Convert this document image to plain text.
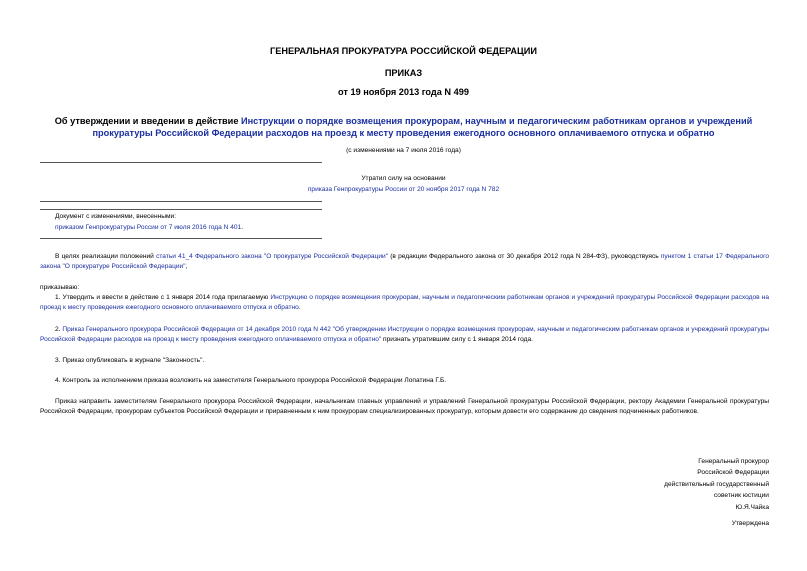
ГЕНЕРАЛЬНАЯ ПРОКУРАТУРА РОССИЙСКОЙ ФЕДЕРАЦИИ
ПРИКАЗ
от 19 ноября 2013 года N 499
Об утверждении и введении в действие Инструкции о порядке возмещения прокурорам, научным и педагогическим работникам органов и учреждений прокуратуры Российской Федерации расходов на проезд к месту проведения ежегодного основного оплачиваемого отпуска и обратно
(с изменениями на 7 июля 2016 года)
Утратил силу на основании
приказа Генпрокуратуры России от 20 ноября 2017 года N 782
Документ с изменениями, внесенными:
приказом Генпрокуратуры России от 7 июля 2016 года N 401.
В целях реализации положений статьи 41_4 Федерального закона "О прокуратуре Российской Федерации" (в редакции Федерального закона от 30 декабря 2012 года N 284-ФЗ), руководствуясь пунктом 1 статьи 17 Федерального закона "О прокуратуре Российской Федерации",
приказываю:
1. Утвердить и ввести в действие с 1 января 2014 года прилагаемую Инструкцию о порядке возмещения прокурорам, научным и педагогическим работникам органов и учреждений прокуратуры Российской Федерации расходов на проезд к месту проведения ежегодного основного оплачиваемого отпуска и обратно.
2. Приказ Генерального прокурора Российской Федерации от 14 декабря 2010 года N 442 "Об утверждении Инструкции о порядке возмещения прокурорам, научным и педагогическим работникам органов и учреждений прокуратуры Российской Федерации расходов на проезд к месту проведения ежегодного оплачиваемого отпуска и обратно" признать утратившим силу с 1 января 2014 года.
3. Приказ опубликовать в журнале "Законность".
4. Контроль за исполнением приказа возложить на заместителя Генерального прокурора Российской Федерации Лопатина Г.Б.
Приказ направить заместителям Генерального прокурора Российской Федерации, начальникам главных управлений и управлений Генеральной прокуратуры Российской Федерации, ректору Академии Генеральной прокуратуры Российской Федерации, прокурорам субъектов Российской Федерации и приравненным к ним прокурорам специализированных прокуратур, которым довести его содержание до сведения подчиненных работников.
Генеральный прокурор
Российской Федерации
действительный государственный
советник юстиции
Ю.Я.Чайка
Утверждена
